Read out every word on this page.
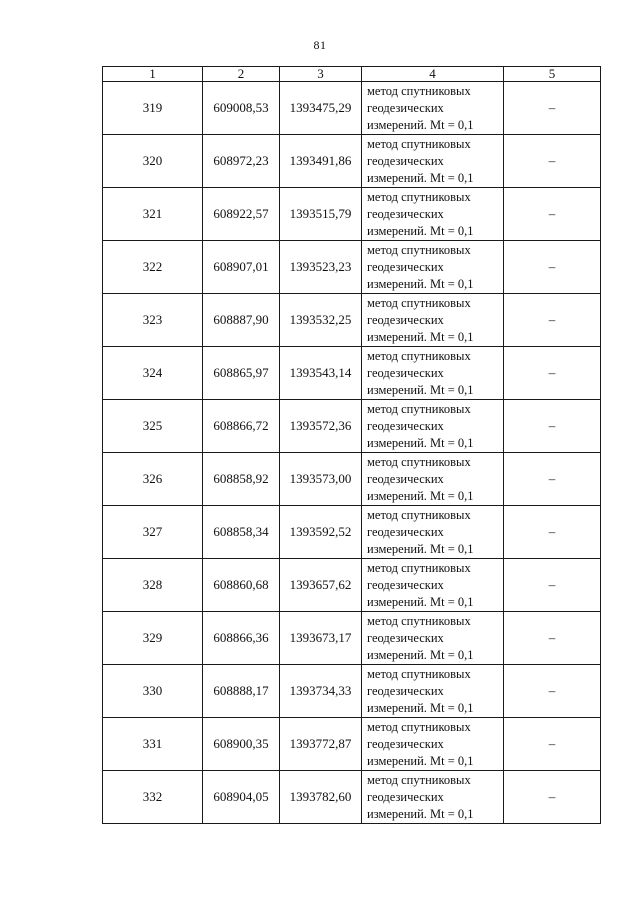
81
1	2	3	4	5
319	609008,53	1393475,29	метод спутниковых
геодезических
измерений. Mt = 0,1	–
320	608972,23	1393491,86	метод спутниковых
геодезических
измерений. Mt = 0,1	–
321	608922,57	1393515,79	метод спутниковых
геодезических
измерений. Mt = 0,1	–
322	608907,01	1393523,23	метод спутниковых
геодезических
измерений. Mt = 0,1	–
323	608887,90	1393532,25	метод спутниковых
геодезических
измерений. Mt = 0,1	–
324	608865,97	1393543,14	метод спутниковых
геодезических
измерений. Mt = 0,1	–
325	608866,72	1393572,36	метод спутниковых
геодезических
измерений. Mt = 0,1	–
326	608858,92	1393573,00	метод спутниковых
геодезических
измерений. Mt = 0,1	–
327	608858,34	1393592,52	метод спутниковых
геодезических
измерений. Mt = 0,1	–
328	608860,68	1393657,62	метод спутниковых
геодезических
измерений. Mt = 0,1	–
329	608866,36	1393673,17	метод спутниковых
геодезических
измерений. Mt = 0,1	–
330	608888,17	1393734,33	метод спутниковых
геодезических
измерений. Mt = 0,1	–
331	608900,35	1393772,87	метод спутниковых
геодезических
измерений. Mt = 0,1	–
332	608904,05	1393782,60	метод спутниковых
геодезических
измерений. Mt = 0,1	–
